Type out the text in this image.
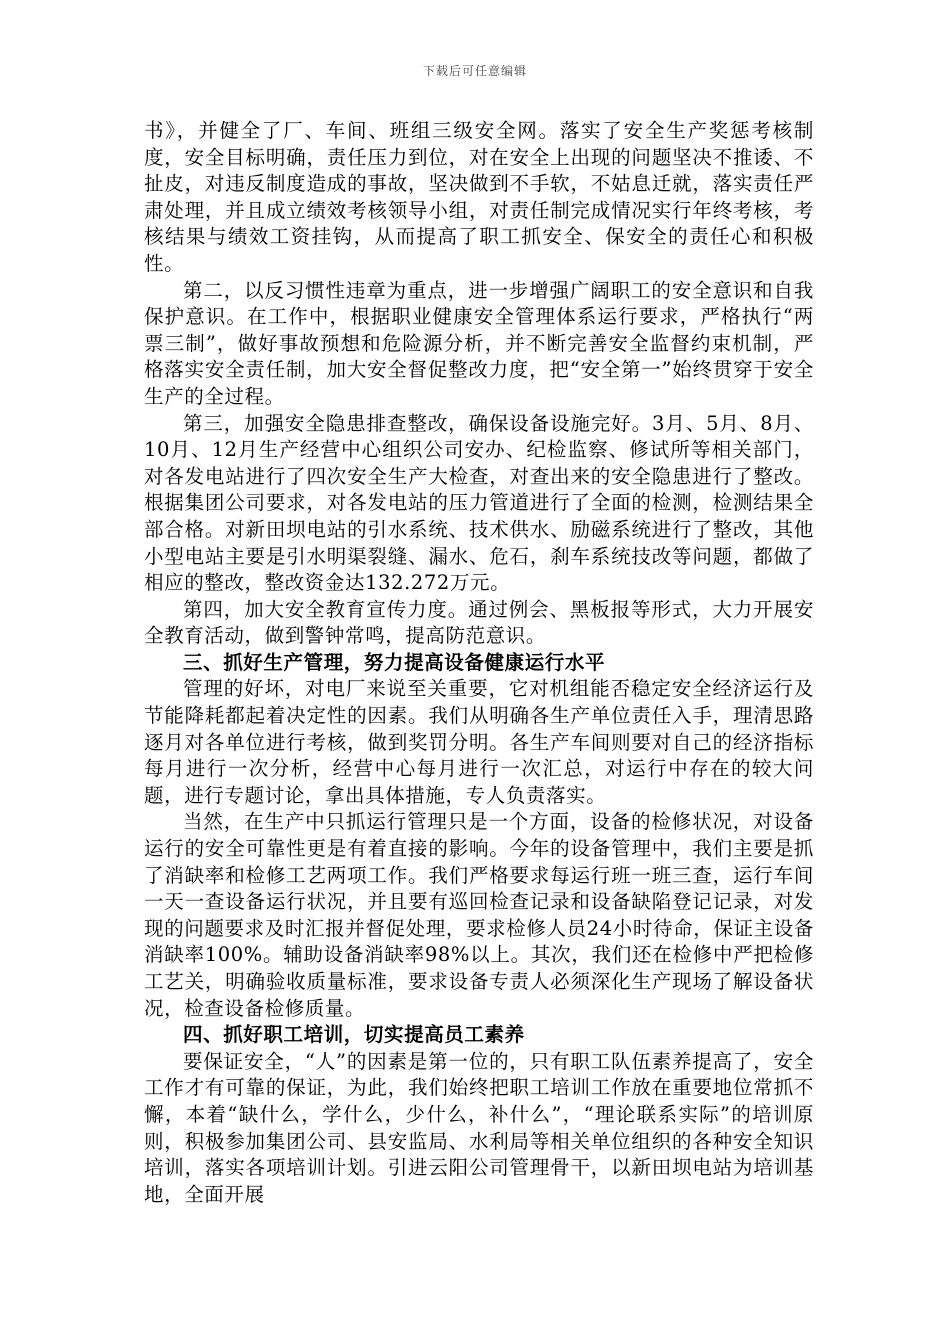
下载后可任意编辑

书》，并健全了厂、车间、班组三级安全网。落实了安全生产奖惩考核制度，安全目标明确，责任压力到位，对在安全上出现的问题坚决不推诿、不扯皮，对违反制度造成的事故，坚决做到不手软，不姑息迁就，落实责任严肃处理，并且成立绩效考核领导小组，对责任制完成情况实行年终考核，考核结果与绩效工资挂钩，从而提高了职工抓安全、保安全的责任心和积极性。

第二，以反习惯性违章为重点，进一步增强广阔职工的安全意识和自我保护意识。在工作中，根据职业健康安全管理体系运行要求，严格执行“两票三制”，做好事故预想和危险源分析，并不断完善安全监督约束机制，严格落实安全责任制，加大安全督促整改力度，把“安全第一”始终贯穿于安全生产的全过程。

第三，加强安全隐患排查整改，确保设备设施完好。3月、5月、8月、10月、12月生产经营中心组织公司安办、纪检监察、修试所等相关部门，对各发电站进行了四次安全生产大检查，对查出来的安全隐患进行了整改。根据集团公司要求，对各发电站的压力管道进行了全面的检测，检测结果全部合格。对新田坝电站的引水系统、技术供水、励磁系统进行了整改，其他小型电站主要是引水明渠裂缝、漏水、危石，刹车系统技改等问题，都做了相应的整改，整改资金达132.272万元。

第四，加大安全教育宣传力度。通过例会、黑板报等形式，大力开展安全教育活动，做到警钟常鸣，提高防范意识。

三、抓好生产管理，努力提高设备健康运行水平

管理的好坏，对电厂来说至关重要，它对机组能否稳定安全经济运行及节能降耗都起着决定性的因素。我们从明确各生产单位责任入手，理清思路逐月对各单位进行考核，做到奖罚分明。各生产车间则要对自己的经济指标每月进行一次分析，经营中心每月进行一次汇总，对运行中存在的较大问题，进行专题讨论，拿出具体措施，专人负责落实。

当然，在生产中只抓运行管理只是一个方面，设备的检修状况，对设备运行的安全可靠性更是有着直接的影响。今年的设备管理中，我们主要是抓了消缺率和检修工艺两项工作。我们严格要求每运行班一班三查，运行车间一天一查设备运行状况，并且要有巡回检查记录和设备缺陷登记记录，对发现的问题要求及时汇报并督促处理，要求检修人员24小时待命，保证主设备消缺率100%。辅助设备消缺率98%以上。其次，我们还在检修中严把检修工艺关，明确验收质量标准，要求设备专责人必须深化生产现场了解设备状况，检查设备检修质量。

四、抓好职工培训，切实提高员工素养

要保证安全，“人”的因素是第一位的，只有职工队伍素养提高了，安全工作才有可靠的保证，为此，我们始终把职工培训工作放在重要地位常抓不懈，本着“缺什么，学什么，少什么，补什么”，“理论联系实际”的培训原则，积极参加集团公司、县安监局、水利局等相关单位组织的各种安全知识培训，落实各项培训计划。引进云阳公司管理骨干，以新田坝电站为培训基地，全面开展
